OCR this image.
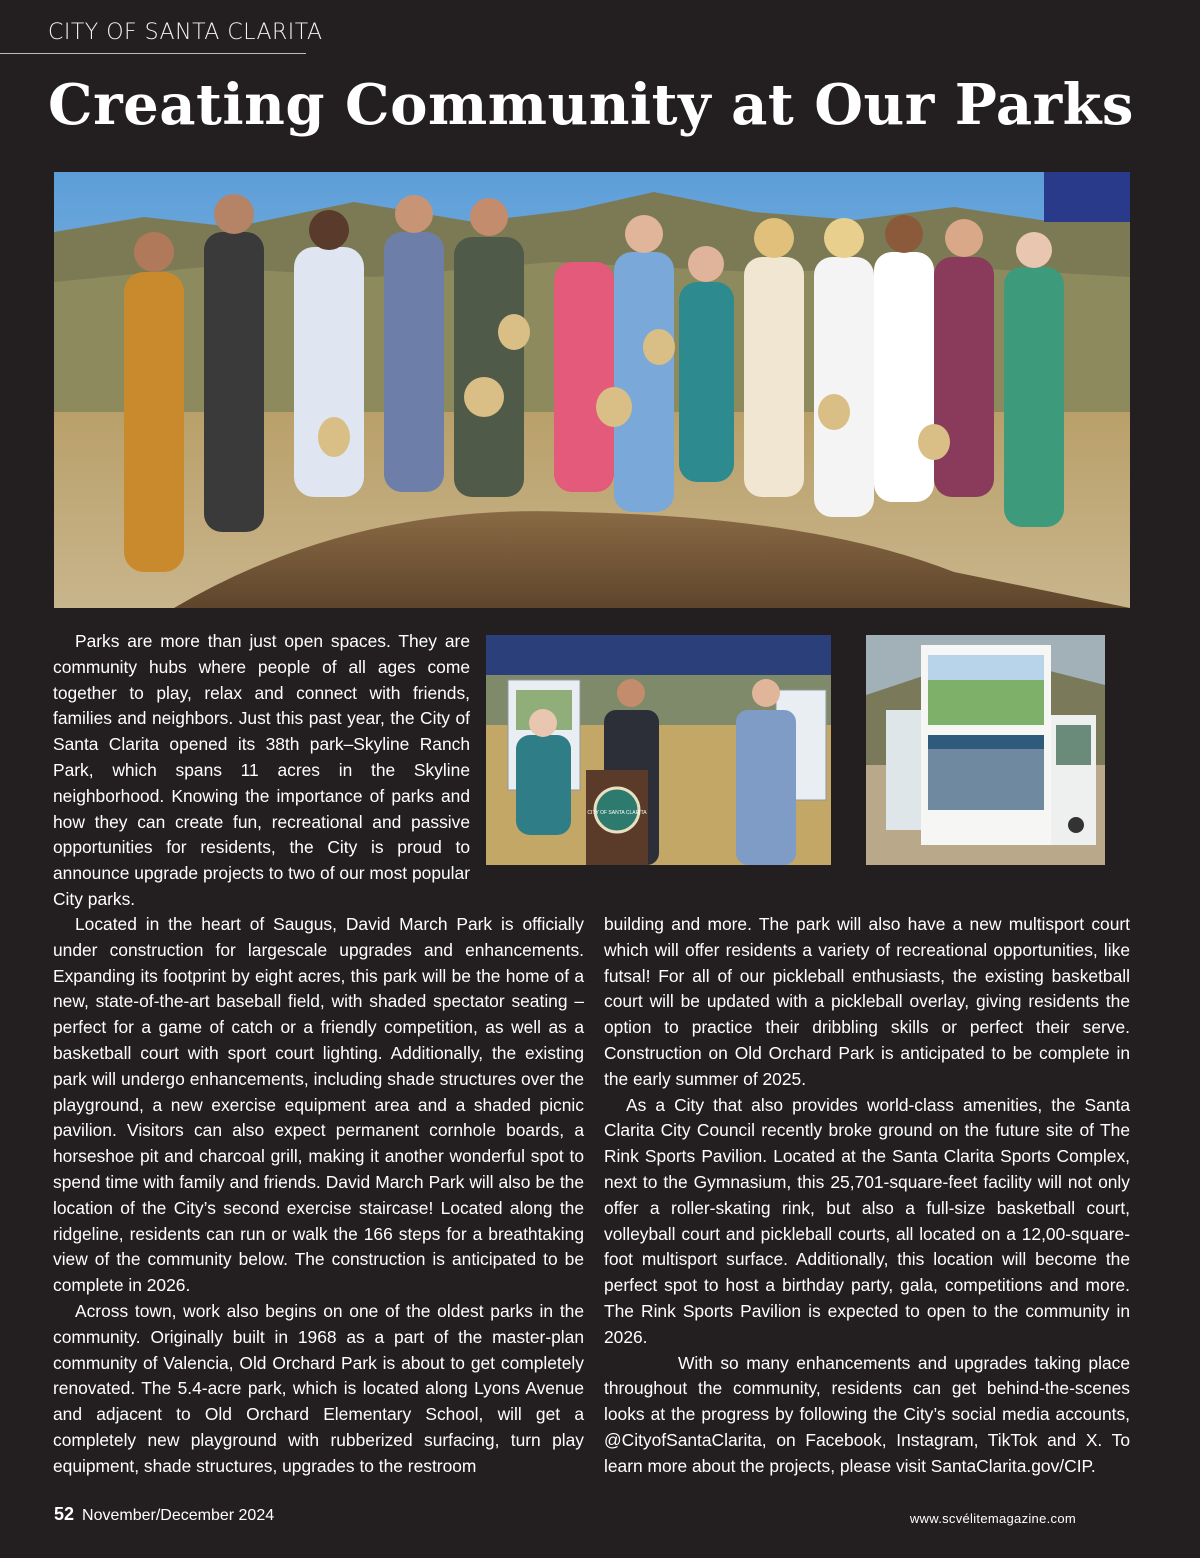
CITY OF SANTA CLARITA
Creating Community at Our Parks

Parks are more than just open spaces. They are community hubs where people of all ages come together to play, relax and connect with friends, families and neighbors. Just this past year, the City of Santa Clarita opened its 38th park–Skyline Ranch Park, which spans 11 acres in the Skyline neighborhood. Knowing the importance of parks and how they can create fun, recreational and passive opportunities for residents, the City is proud to announce upgrade projects to two of our most popular City parks.

CITY OF SANTA CLARITA

Located in the heart of Saugus, David March Park is officially under construction for largescale upgrades and enhancements. Expanding its footprint by eight acres, this park will be the home of a new, state-of-the-art baseball field, with shaded spectator seating – perfect for a game of catch or a friendly competition, as well as a basketball court with sport court lighting. Additionally, the existing park will undergo enhancements, including shade structures over the playground, a new exercise equipment area and a shaded picnic pavilion. Visitors can also expect permanent cornhole boards, a horseshoe pit and charcoal grill, making it another wonderful spot to spend time with family and friends. David March Park will also be the location of the City’s second exercise staircase! Located along the ridgeline, residents can run or walk the 166 steps for a breathtaking view of the community below. The construction is anticipated to be complete in 2026.

Across town, work also begins on one of the oldest parks in the community. Originally built in 1968 as a part of the master-plan community of Valencia, Old Orchard Park is about to get completely renovated. The 5.4-acre park, which is located along Lyons Avenue and adjacent to Old Orchard Elementary School, will get a completely new playground with rubberized surfacing, turn play equipment, shade structures, upgrades to the restroom

building and more. The park will also have a new multisport court which will offer residents a variety of recreational opportunities, like futsal! For all of our pickleball enthusiasts, the existing basketball court will be updated with a pickleball overlay, giving residents the option to practice their dribbling skills or perfect their serve. Construction on Old Orchard Park is anticipated to be complete in the early summer of 2025.

As a City that also provides world-class amenities, the Santa Clarita City Council recently broke ground on the future site of The Rink Sports Pavilion. Located at the Santa Clarita Sports Complex, next to the Gymnasium, this 25,701-square-feet facility will not only offer a roller-skating rink, but also a full-size basketball court, volleyball court and pickleball courts, all located on a 12,00-square-foot multisport surface. Additionally, this location will become the perfect spot to host a birthday party, gala, competitions and more. The Rink Sports Pavilion is expected to open to the community in 2026.

With so many enhancements and upgrades taking place throughout the community, residents can get behind-the-scenes looks at the progress by following the City’s social media accounts, @CityofSantaClarita, on Facebook, Instagram, TikTok and X. To learn more about the projects, please visit SantaClarita.gov/CIP.

52 November/December 2024	www.scvélitemagazine.com
